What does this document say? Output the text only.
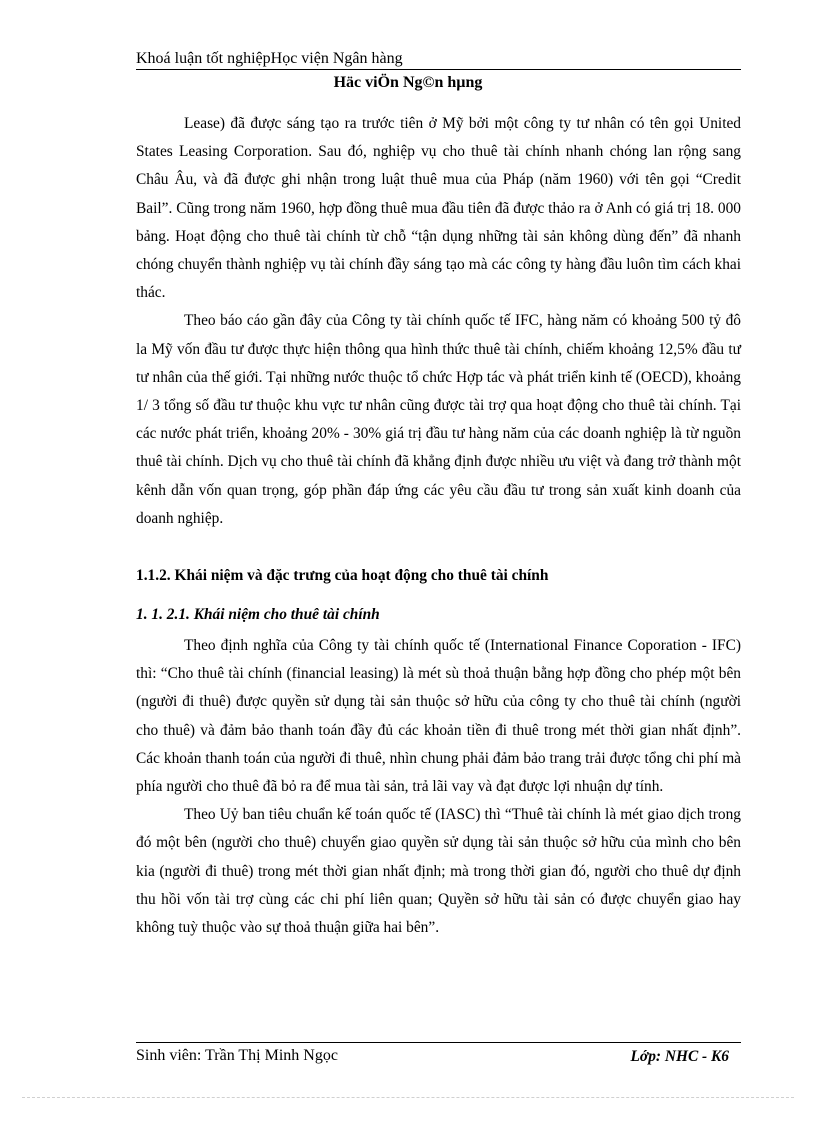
Khoá luận tốt nghiệpHọc viện Ngân hàng
Häc viÖn Ng©n hµng

Lease) đã được sáng tạo ra trước tiên ở Mỹ bởi một công ty tư nhân có tên gọi United States Leasing Corporation. Sau đó, nghiệp vụ cho thuê tài chính nhanh chóng lan rộng sang Châu Âu, và đã được ghi nhận trong luật thuê mua của Pháp (năm 1960) với tên gọi “Credit Bail”. Cũng trong năm 1960, hợp đồng thuê mua đầu tiên đã được thảo ra ở Anh có giá trị 18. 000 bảng. Hoạt động cho thuê tài chính từ chỗ “tận dụng những tài sản không dùng đến” đã nhanh chóng chuyển thành nghiệp vụ tài chính đầy sáng tạo mà các công ty hàng đầu luôn tìm cách khai thác.

Theo báo cáo gần đây của Công ty tài chính quốc tế IFC, hàng năm có khoảng 500 tỷ đô la Mỹ vốn đầu tư được thực hiện thông qua hình thức thuê tài chính, chiếm khoảng 12,5% đầu tư tư nhân của thế giới. Tại những nước thuộc tổ chức Hợp tác và phát triển kinh tế (OECD), khoảng 1/ 3 tổng số đầu tư thuộc khu vực tư nhân cũng được tài trợ qua hoạt động cho thuê tài chính. Tại các nước phát triển, khoảng 20% - 30% giá trị đầu tư hàng năm của các doanh nghiệp là từ nguồn thuê tài chính. Dịch vụ cho thuê tài chính đã khẳng định được nhiều ưu việt và đang trở thành một kênh dẫn vốn quan trọng, góp phần đáp ứng các yêu cầu đầu tư trong sản xuất kinh doanh của doanh nghiệp.

1.1.2. Khái niệm và đặc trưng của hoạt động cho thuê tài chính
1. 1. 2.1. Khái niệm cho thuê tài chính

Theo định nghĩa của Công ty tài chính quốc tế (International Finance Coporation - IFC) thì: “Cho thuê tài chính (financial leasing) là mét sù thoả thuận bằng hợp đồng cho phép một bên (người đi thuê) được quyền sử dụng tài sản thuộc sở hữu của công ty cho thuê tài chính (người cho thuê) và đảm bảo thanh toán đầy đủ các khoản tiền đi thuê trong mét thời gian nhất định”. Các khoản thanh toán của người đi thuê, nhìn chung phải đảm bảo trang trải được tổng chi phí mà phía người cho thuê đã bỏ ra để mua tài sản, trả lãi vay và đạt được lợi nhuận dự tính.

Theo Uỷ ban tiêu chuẩn kế toán quốc tế (IASC) thì “Thuê tài chính là mét giao dịch trong đó một bên (người cho thuê) chuyển giao quyền sử dụng tài sản thuộc sở hữu của mình cho bên kia (người đi thuê) trong mét thời gian nhất định; mà trong thời gian đó, người cho thuê dự định thu hồi vốn tài trợ cùng các chi phí liên quan; Quyền sở hữu tài sản có được chuyển giao hay không tuỳ thuộc vào sự thoả thuận giữa hai bên”.

Sinh viên: Trần Thị Minh Ngọc	Lớp: NHC - K6
